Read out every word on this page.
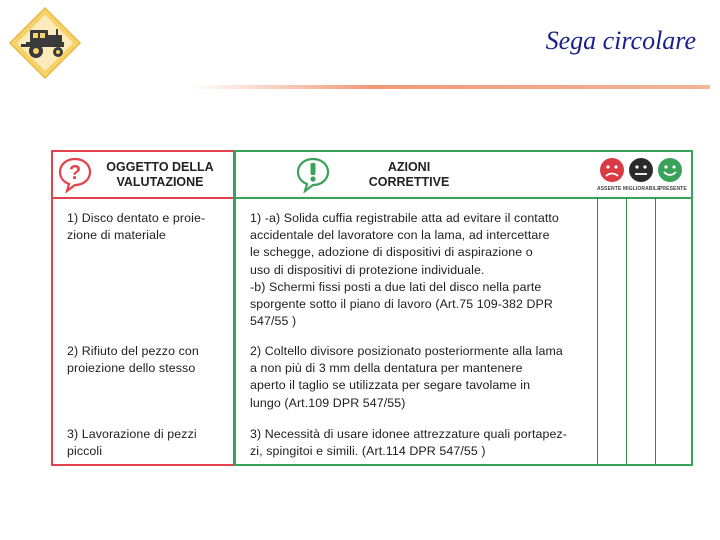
Sega circolare
?	OGGETTO DELLA
VALUTAZIONE
1) Disco dentato e proie-
zione di materiale
2) Rifiuto del pezzo con
proiezione dello stesso
3) Lavorazione di pezzi
piccoli
AZIONI
CORRETTIVE	ASSENTE MIGLIORABILE
PRESENTE
1) -a) Solida cuffia registrabile atta ad evitare il contatto
accidentale del lavoratore con la lama, ad intercettare
le schegge, adozione di dispositivi di aspirazione o
uso di dispositivi di protezione individuale.
-b) Schermi fissi posti a due lati del disco nella parte
sporgente sotto il piano di lavoro (Art.75 109-382 DPR
547/55 )
2) Coltello divisore posizionato posteriormente alla lama
a non più di 3 mm della dentatura per mantenere
aperto il taglio se utilizzata per segare tavolame in
lungo (Art.109 DPR 547/55)
3) Necessità di usare idonee attrezzature quali portapez-
zi, spingitoi e simili. (Art.114 DPR 547/55 )
